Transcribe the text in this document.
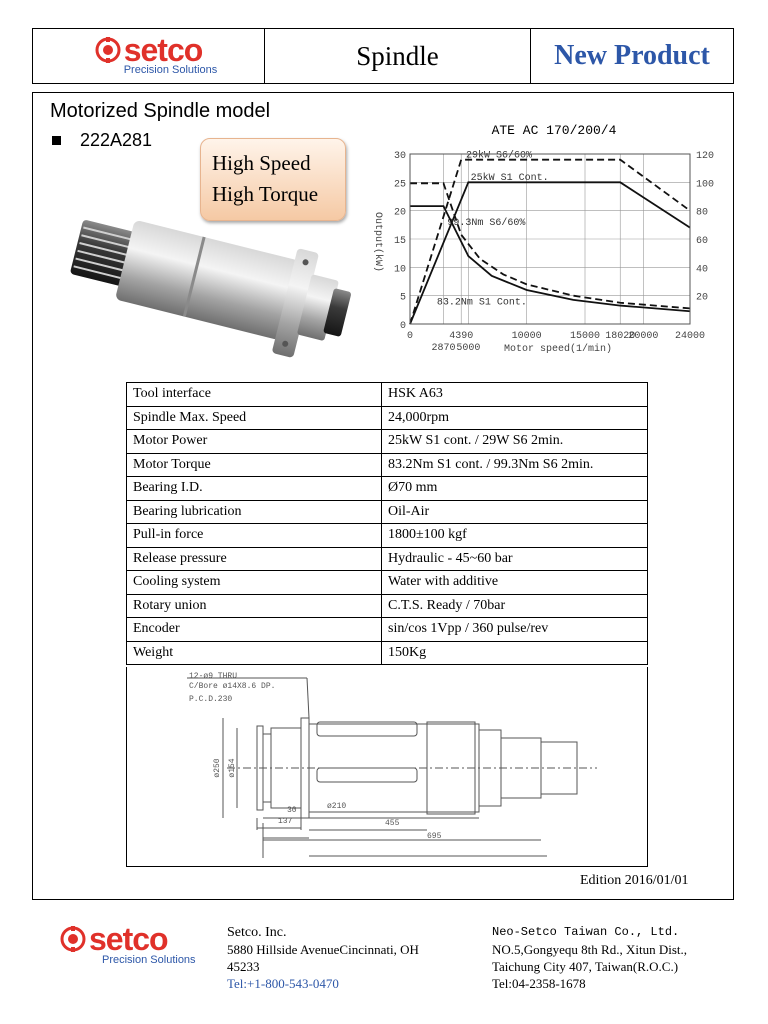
setco
Precision Solutions	Spindle	New Product
Motorized Spindle model
222A281
High Speed
High Torque
ATE AC 170/200/4
29kW S6/60%
25kW S1 Cont.
99.3Nm S6/60%
83.2Nm S1 Cont.
0	4390	10000	15000 18020
20000 24000
2870 5000
0
5
10
15
20
25
30
20
40
60
80
100
120
Output(kW)
Motor speed(1/min)
Tool interface	HSK A63
Spindle Max. Speed	24,000rpm
Motor Power	25kW S1 cont. / 29W S6 2min.
Motor Torque	83.2Nm S1 cont. / 99.3Nm S6 2min.
Bearing I.D.	Ø70 mm
Bearing lubrication	Oil-Air
Pull-in force	1800±100 kgf
Release pressure	Hydraulic - 45~60 bar
Cooling system	Water with additive
Rotary union	C.T.S. Ready / 70bar
Encoder	sin/cos 1Vpp / 360 pulse/rev
Weight	150Kg
12-ø9 THRU
C/Bore ø14X8.6 DP.
P.C.D.230
ø250 ø154
ø210
30
137	455
695
Edition 2016/01/01
setco
Precision Solutions
Setco. Inc.
5880 Hillside AvenueCincinnati, OH
45233
Tel:+1-800-543-0470
Neo-Setco Taiwan Co., Ltd.
NO.5,Gongyequ 8th Rd., Xitun Dist.,
Taichung City 407, Taiwan(R.O.C.)
Tel:04-2358-1678
